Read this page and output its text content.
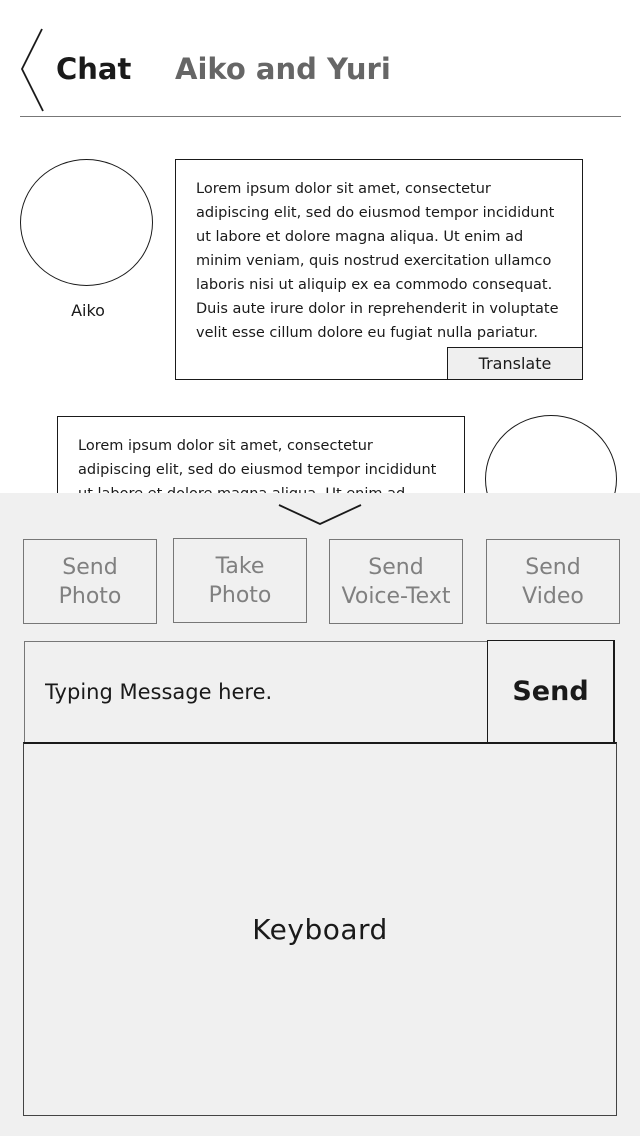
Chat Aiko and Yuri
Aiko
Lorem ipsum dolor sit amet, consectetur adipiscing elit, sed do eiusmod tempor incididunt ut labore et dolore magna aliqua. Ut enim ad minim veniam, quis nostrud exercitation ullamco laboris nisi ut aliquip ex ea commodo consequat. Duis aute irure dolor in reprehenderit in voluptate velit esse cillum dolore eu fugiat nulla pariatur.
Translate
Lorem ipsum dolor sit amet, consectetur adipiscing elit, sed do eiusmod tempor incididunt
Send
Photo
Take
Photo
Send
Voice-Text
Send
Video
Typing Message here.
Send
Keyboard
